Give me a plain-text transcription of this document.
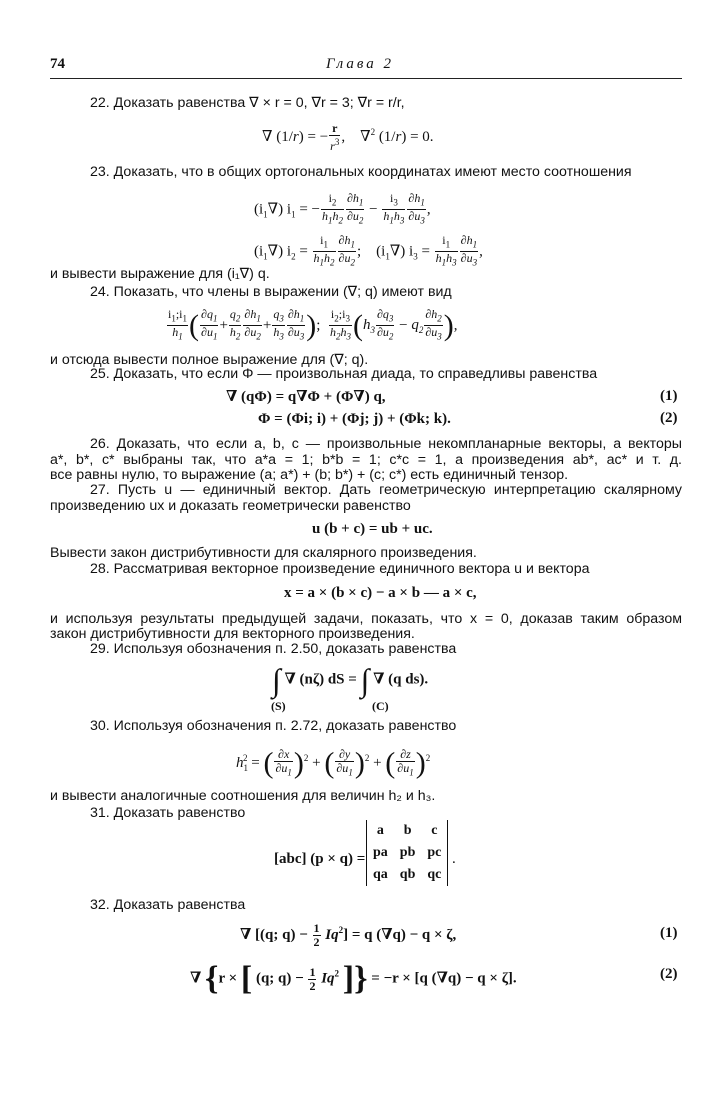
74	Глава 2
22. Доказать равенства ∇ × r = 0, ∇r = 3; ∇r = r/r,
∇ (1/r) = − $\frac{r}{r^3}$ ,    ∇$^2$ (1/r) = 0.
23. Доказать, что в общих ортогональных координатах имеют место соотношения
$(i_1\nabla) i_1$ = − $\frac{i_2}{h_1h_2} \frac{\partial h_1}{\partial u_2} - \frac{i_3}{h_1h_3} \frac{\partial h_1}{\partial u_3}$ ,
$(i_1\nabla) i_2 = \frac{i_1}{h_1h_2} \frac{\partial h_1}{\partial u_2}$ ;    $(i_1\nabla) i_3 = \frac{i_1}{h_1h_3} \frac{\partial h_1}{\partial u_3}$ ,
и вывести выражение для (i₁∇) q.
24. Показать, что члены в выражении (∇; q) имеют вид
$\frac{i_1;i_1}{h_1}$ ( $\frac{\partial q_1}{\partial u_1} + \frac{q_2}{h_2} \frac{\partial h_1}{\partial u_2} + \frac{q_3}{h_3} \frac{\partial h_1}{\partial u_3}$ ); $\frac{i_2;i_3}{h_2h_3} (h_3 \frac{\partial q_3}{\partial u_2} - q_2 \frac{\partial h_2}{\partial u_3}$ ),
и отсюда вывести полное выражение для (∇; q).
25. Доказать, что если Φ — произвольная диада, то справедливы равенства
∇ (qΦ) = q∇Φ + (Φ∇) q,	(1)
Φ = (Φi; i) + (Φj; j) + (Φk; k).	(2)
26. Доказать, что если a, b, c — произвольные некомпланарные векторы, а векторы
a*, b*, c* выбраны так, что a*a = 1; b*b = 1; c*c = 1, а произведения ab*, ac* и т. д.
все равны нулю, то выражение (a; a*) + (b; b*) + (c; c*) есть единичный тензор.
27. Пусть u — единичный вектор. Дать геометрическую интерпретацию скалярному
произведению ux и доказать геометрически равенство
u (b + c) = ub + uc.
Вывести закон дистрибутивности для скалярного произведения.
28. Рассматривая векторное произведение единичного вектора u и вектора
x = a × (b × c) − a × b — a × c,
и используя результаты предыдущей задачи, показать, что x = 0, доказав таким образом
закон дистрибутивности для векторного произведения.
29. Используя обозначения п. 2.50, доказать равенства
∫ ∇ (nζ) dS = ∫ ∇ (q ds).
(S)	(C)
30. Используя обозначения п. 2.72, доказать равенство
$h_1^2$ = ( $\frac{\partial x}{\partial u_1} )^2$ + ( $\frac{\partial y}{\partial u_1} )^2$ + ( $\frac{\partial z}{\partial u_1} )^2$
и вывести аналогичные соотношения для величин h₂ и h₃.
31. Доказать равенство
[abc] (p × q) =
a	b	c
pa	pb	pc
qa	qb	qc
.
32. Доказать равенства
∇ [(q; $q) - \frac{1}{2} Iq^2] = q$ (∇q) − q × ζ,	(1)
∇ {r × [ (q; $q) - \frac{1}{2} Iq^2$ ]} = −r × [q (∇q) − q × ζ].	(2)
